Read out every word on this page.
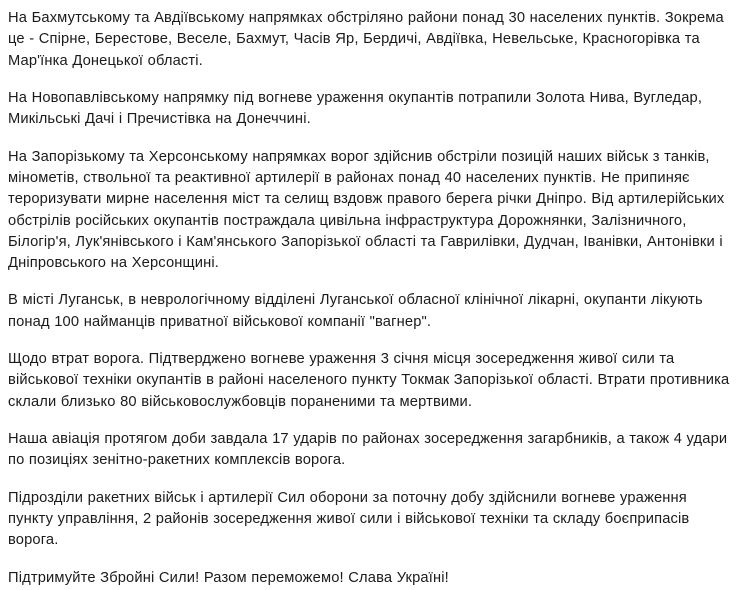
На Бахмутському та Авдіївському напрямках обстріляно райони понад 30 населених пунктів. Зокрема це - Спірне, Берестове, Веселе, Бахмут, Часів Яр, Бердичі, Авдіївка, Невельське, Красногорівка та Мар'їнка Донецької області.

На Новопавлівському напрямку під вогневе ураження окупантів потрапили Золота Нива, Вугледар, Микільські Дачі і Пречистівка на Донеччині.

На Запорізькому та Херсонському напрямках ворог здійснив обстріли позицій наших військ з танків, мінометів, ствольної та реактивної артилерії в районах понад 40 населених пунктів. Не припиняє тероризувати мирне населення міст та селищ вздовж правого берега річки Дніпро. Від артилерійських обстрілів російських окупантів постраждала цивільна інфраструктура Дорожнянки, Залізничного, Білогір'я, Лук'янівського і Кам'янського Запорізької області та Гаврилівки, Дудчан, Іванівки, Антонівки і Дніпровського на Херсонщині.

В місті Луганськ, в неврологічному відділені Луганської обласної клінічної лікарні, окупанти лікують понад 100 найманців приватної військової компанії "вагнер".

Щодо втрат ворога. Підтверджено вогневе ураження 3 січня місця зосередження живої сили та військової техніки окупантів в районі населеного пункту Токмак Запорізької області. Втрати противника склали близько 80 військовослужбовців пораненими та мертвими.

Наша авіація протягом доби завдала 17 ударів по районах зосередження загарбників, а також 4 удари по позиціях зенітно-ракетних комплексів ворога.

Підрозділи ракетних військ і артилерії Сил оборони за поточну добу здійснили вогневе ураження пункту управління, 2 районів зосередження живої сили і військової техніки та складу боєприпасів ворога.

Підтримуйте Збройні Сили! Разом переможемо! Слава Україні!
